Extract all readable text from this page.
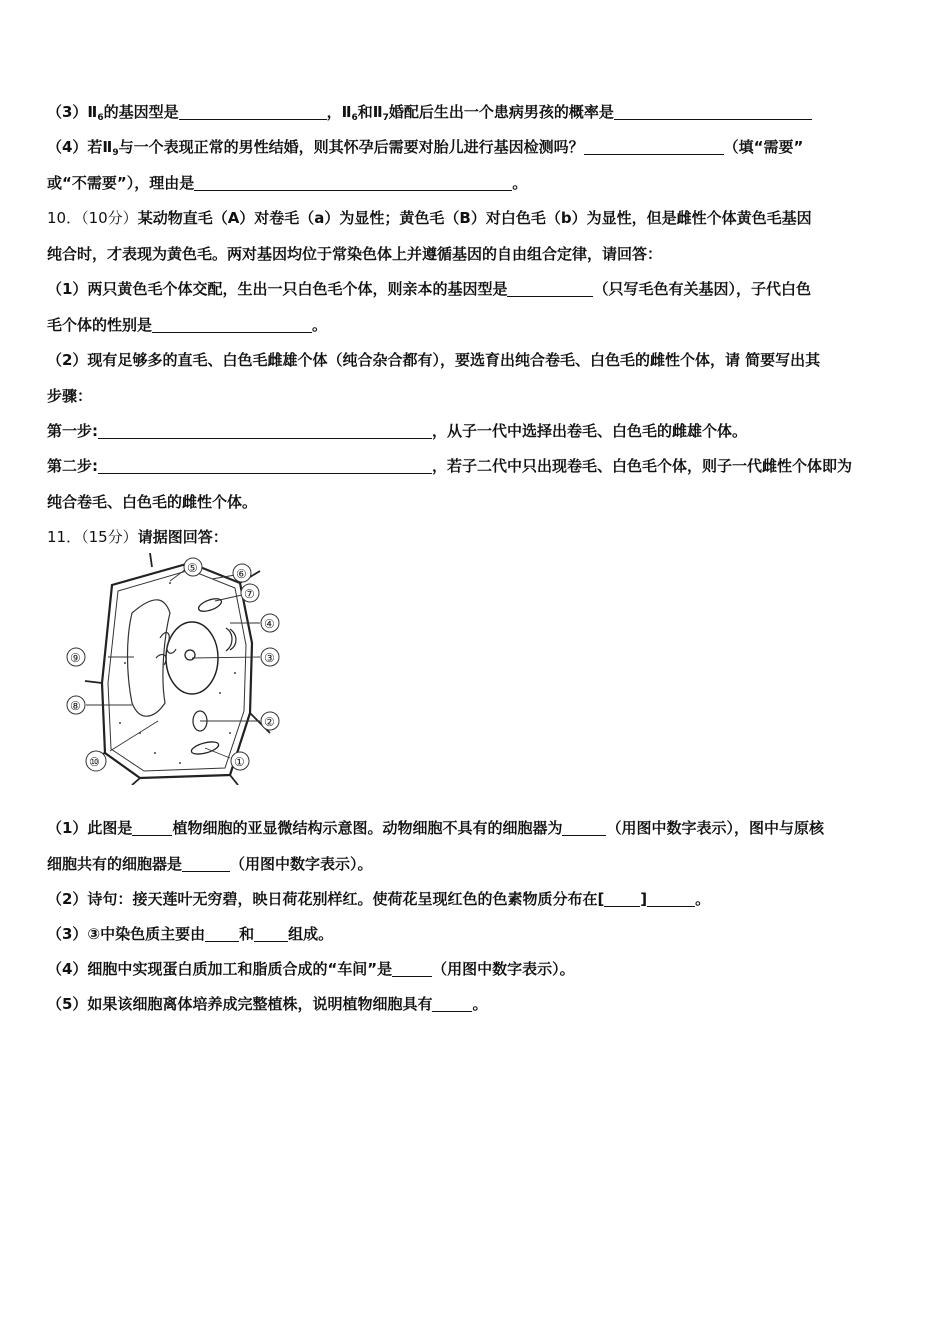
$(3)Ⅱ_6$的基因型是	，$Ⅱ_6$和$Ⅱ_7$婚配后生出一个患病男孩的概率是
（4）若$Ⅱ_9$与一个表现正常的男性结婚，则其怀孕后需要对胎儿进行基因检测吗？	（填“需要”
或“不需要”），理由是	。
10．（10分）某动物直毛（A）对卷毛（a）为显性；黄色毛（B）对白色毛（b）为显性，但是雌性个体黄色毛基因
纯合时，才表现为黄色毛。两对基因均位于常染色体上并遵循基因的自由组合定律，请回答：
（1）两只黄色毛个体交配，生出一只白色毛个体，则亲本的基因型是	（只写毛色有关基因），子代白色
毛个体的性别是	。
（2）现有足够多的直毛、白色毛雌雄个体（纯合杂合都有），要选育出纯合卷毛、白色毛的雌性个体，请 简要写出其
步骤：
第一步:	，从子一代中选择出卷毛、白色毛的雌雄个体。
第二步:	，若子二代中只出现卷毛、白色毛个体，则子一代雌性个体即为
纯合卷毛、白色毛的雌性个体。
11．（15分）请据图回答：
⑤	⑥
⑦
④
③
②
①
⑨
⑧
⑩
（1）此图是	植物细胞的亚显微结构示意图。动物细胞不具有的细胞器为	（用图中数字表示），图中与原核
细胞共有的细胞器是	（用图中数字表示）。
（2）诗句：接天莲叶无穷碧，映日荷花别样红。使荷花呈现红色的色素物质分布在[ ]	。
（3）③中染色质主要由 和 组成。
（4）细胞中实现蛋白质加工和脂质合成的“车间”是	（用图中数字表示）。
（5）如果该细胞离体培养成完整植株，说明植物细胞具有	。
